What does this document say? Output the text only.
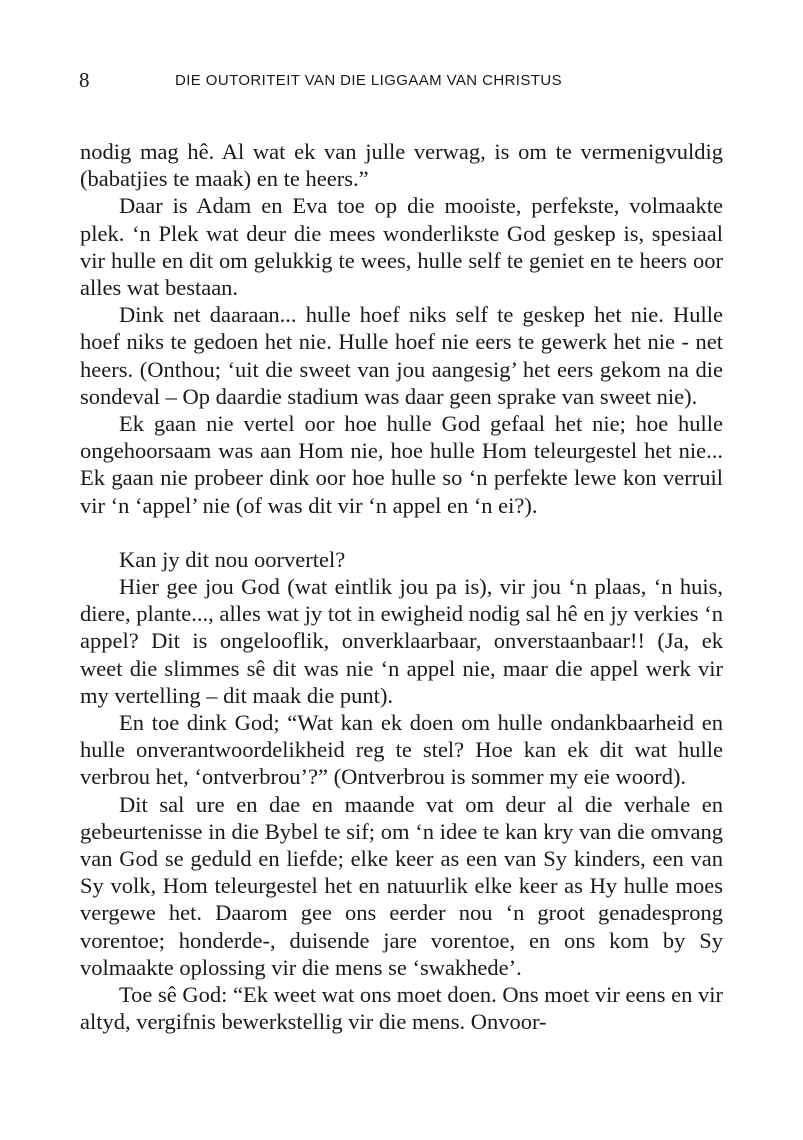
8	DIE OUTORITEIT VAN DIE LIGGAAM VAN CHRISTUS

nodig mag hê. Al wat ek van julle verwag, is om te vermenigvuldig (babatjies te maak) en te heers.”

Daar is Adam en Eva toe op die mooiste, perfekste, volmaakte plek. ‘n Plek wat deur die mees wonderlikste God geskep is, spesiaal vir hulle en dit om gelukkig te wees, hulle self te geniet en te heers oor alles wat bestaan.

Dink net daaraan... hulle hoef niks self te geskep het nie. Hulle hoef niks te gedoen het nie. Hulle hoef nie eers te gewerk het nie - net heers. (Onthou; ‘uit die sweet van jou aangesig’ het eers gekom na die sondeval – Op daardie stadium was daar geen sprake van sweet nie).

Ek gaan nie vertel oor hoe hulle God gefaal het nie; hoe hulle ongehoorsaam was aan Hom nie, hoe hulle Hom teleurgestel het nie... Ek gaan nie probeer dink oor hoe hulle so ‘n perfekte lewe kon verruil vir ‘n ‘appel’ nie (of was dit vir ‘n appel en ‘n ei?).

Kan jy dit nou oorvertel?

Hier gee jou God (wat eintlik jou pa is), vir jou ‘n plaas, ‘n huis, diere, plante..., alles wat jy tot in ewigheid nodig sal hê en jy verkies ‘n appel? Dit is ongelooflik, onverklaarbaar, onverstaanbaar!! (Ja, ek weet die slimmes sê dit was nie ‘n appel nie, maar die appel werk vir my vertelling – dit maak die punt).

En toe dink God; “Wat kan ek doen om hulle ondankbaarheid en hulle onverantwoordelikheid reg te stel? Hoe kan ek dit wat hulle verbrou het, ‘ontverbrou’?” (Ontverbrou is sommer my eie woord).

Dit sal ure en dae en maande vat om deur al die verhale en gebeurtenisse in die Bybel te sif; om ‘n idee te kan kry van die omvang van God se geduld en liefde; elke keer as een van Sy kinders, een van Sy volk, Hom teleurgestel het en natuurlik elke keer as Hy hulle moes vergewe het. Daarom gee ons eerder nou ‘n groot genadesprong vorentoe; honderde-, duisende jare vorentoe, en ons kom by Sy volmaakte oplossing vir die mens se ‘swakhede’.

Toe sê God: “Ek weet wat ons moet doen. Ons moet vir eens en vir altyd, vergifnis bewerkstellig vir die mens. Onvoor-
